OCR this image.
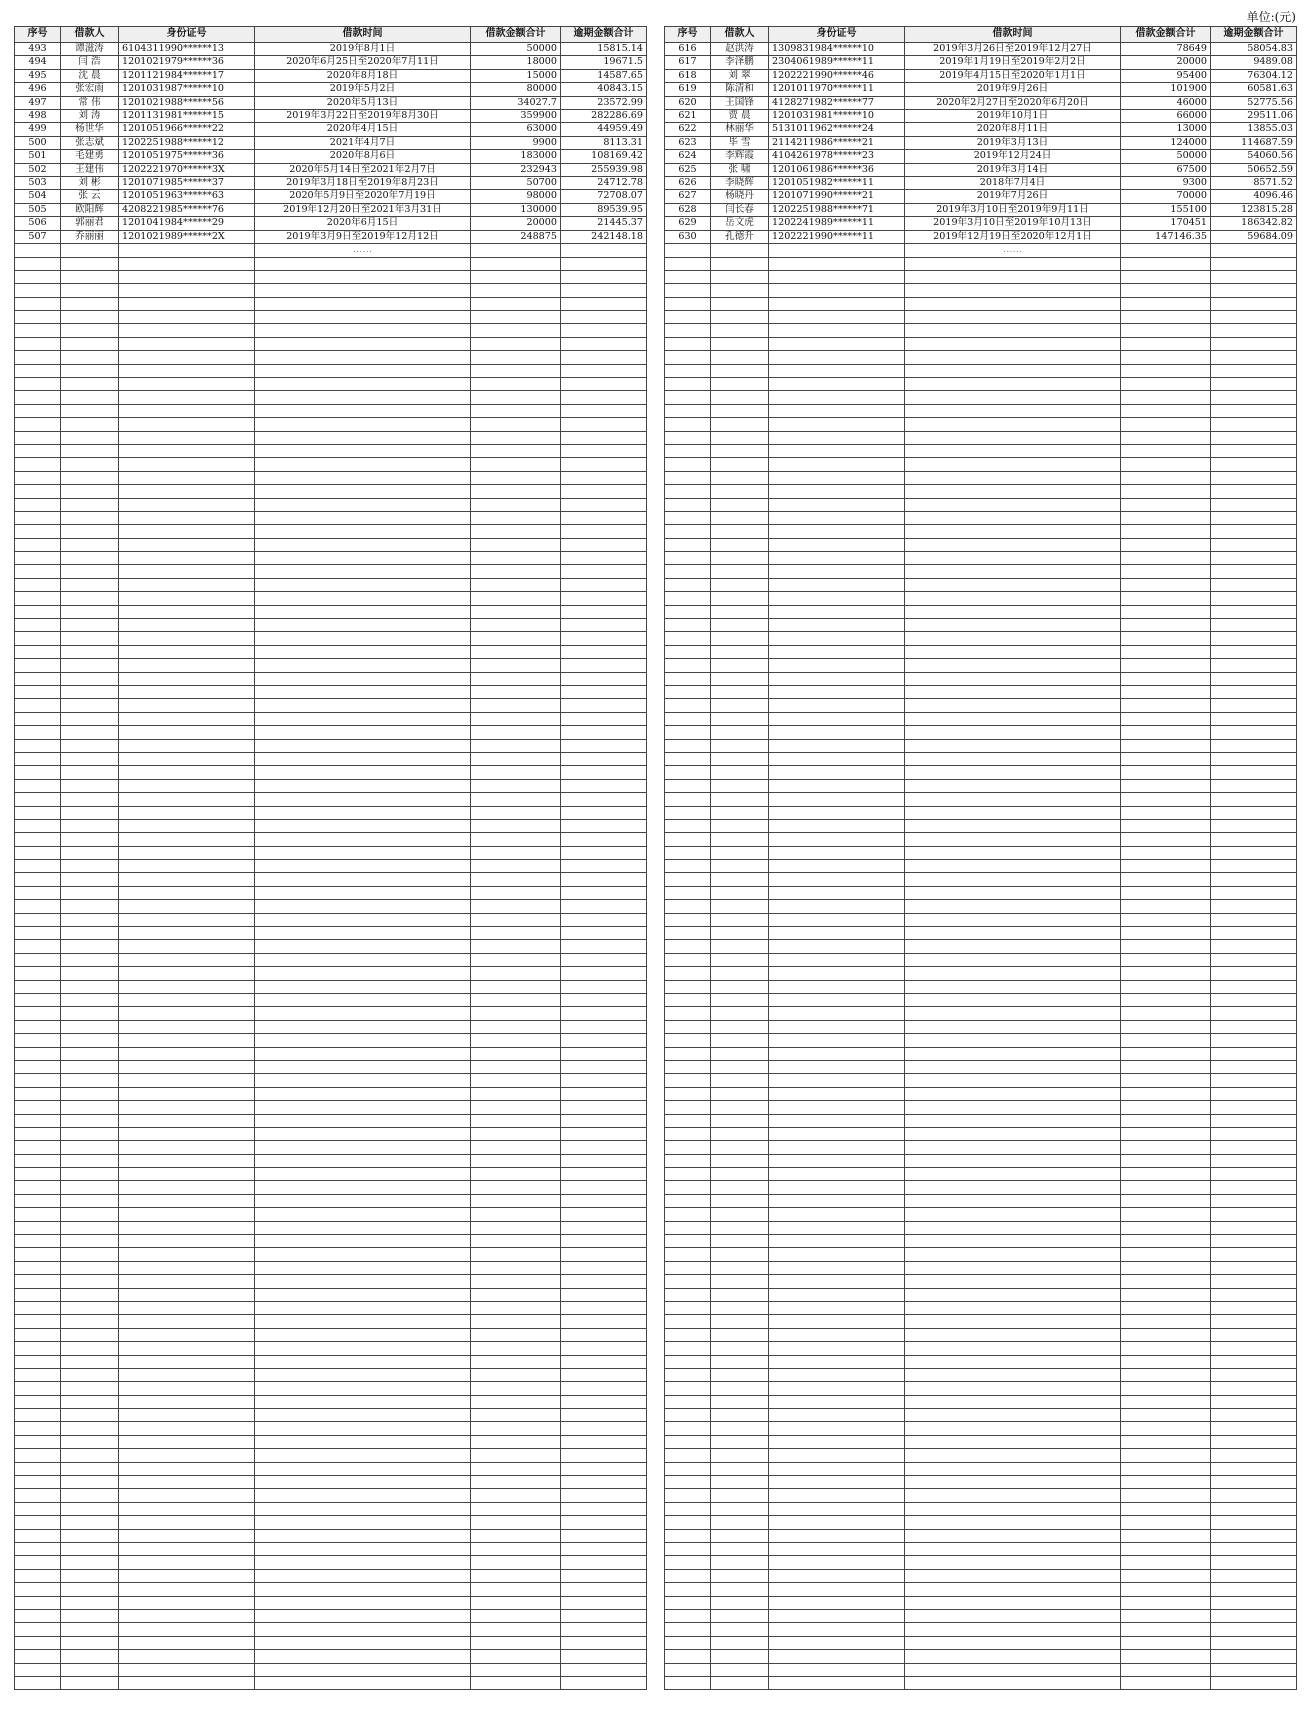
单位:(元)
序号	借款人	身份证号	借款时间	借款金额合计	逾期金额合计
493	谭滋涛	6104311990******13	2019年8月1日	50000	15815.14
494	闫 浩	1201021979******36	2020年6月25日至2020年7月11日	18000	19671.5
495	沈 晨	1201121984******17	2020年8月18日	15000	14587.65
496	张宏雨	1201031987******10	2019年5月2日	80000	40843.15
497	常 伟	1201021988******56	2020年5月13日	34027.7	23572.99
498	刘 涛	1201131981******15	2019年3月22日至2019年8月30日	359900	282286.69
499	杨世华	1201051966******22	2020年4月15日	63000	44959.49
500	张志斌	1202251988******12	2021年4月7日	9900	8113.31
501	毛建勇	1201051975******36	2020年8月6日	183000	108169.42
502	王建伟	1202221970******3X	2020年5月14日至2021年2月7日	232943	255939.98
503	刘 彬	1201071985******37	2019年3月18日至2019年8月23日	50700	24712.78
504	张 云	1201051963******63	2020年5月9日至2020年7月19日	98000	72708.07
505	欧阳辉	4208221985******76	2019年12月20日至2021年3月31日	130000	89539.95
506	郭丽君	1201041984******29	2020年6月15日	20000	21445.37
507	乔丽丽	1201021989******2X	2019年3月9日至2019年12月12日	248875	242148.18
			……		

序号	借款人	身份证号	借款时间	借款金额合计	逾期金额合计
616	赵洪涛	1309831984******10	2019年3月26日至2019年12月27日	78649	58054.83
617	李泽鹏	2304061989******11	2019年1月19日至2019年2月2日	20000	9489.08
618	刘 翠	1202221990******46	2019年4月15日至2020年1月1日	95400	76304.12
619	陈清和	1201011970******11	2019年9月26日	101900	60581.63
620	王国锋	4128271982******77	2020年2月27日至2020年6月20日	46000	52775.56
621	贾 晨	1201031981******10	2019年10月1日	66000	29511.06
622	林丽华	5131011962******24	2020年8月11日	13000	13855.03
623	毕 雪	2114211986******21	2019年3月13日	124000	114687.59
624	李辉霞	4104261978******23	2019年12月24日	50000	54060.56
625	张 啸	1201061986******36	2019年3月14日	67500	50652.59
626	李晓辉	1201051982******11	2018年7月4日	9300	8571.52
627	杨晓丹	1201071990******21	2019年7月26日	70000	4096.46
628	闫长春	1202251988******71	2019年3月10日至2019年9月11日	155100	123815.28
629	岳文虎	1202241989******11	2019年3月10日至2019年10月13日	170451	186342.82
630	孔德升	1202221990******11	2019年12月19日至2020年12月1日	147146.35	59684.09
			……		
